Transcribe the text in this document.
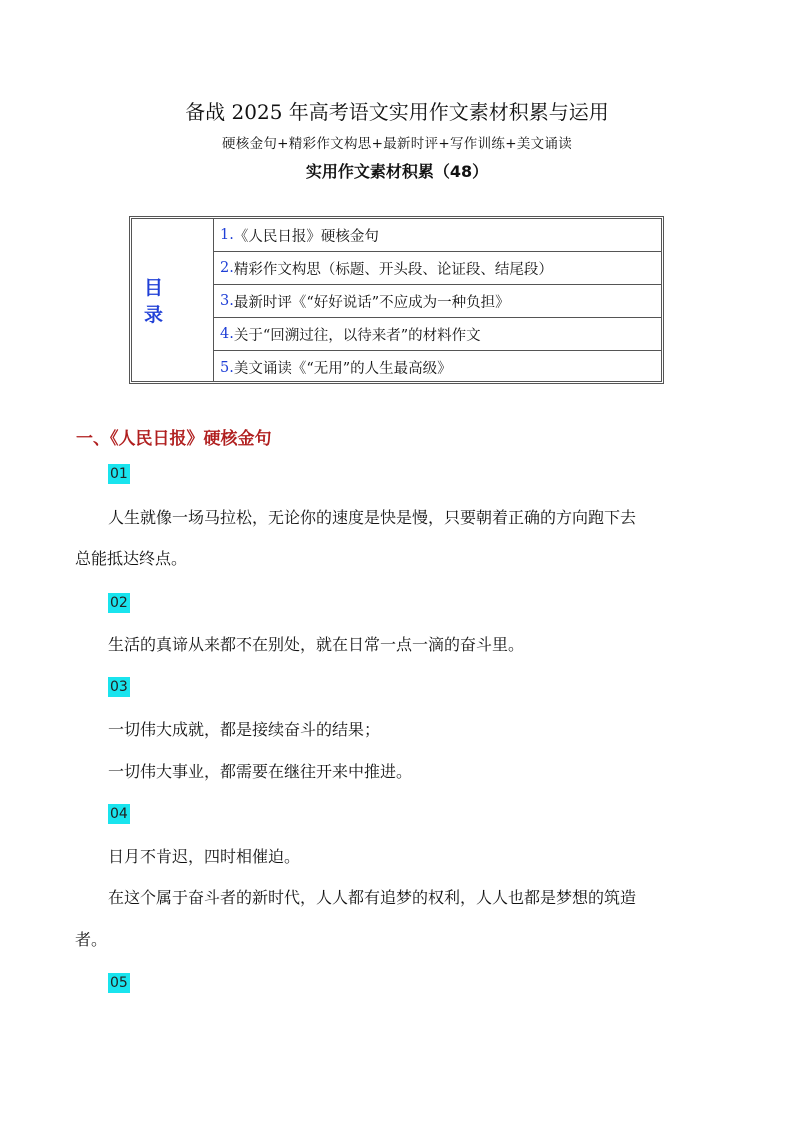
备战 2025 年高考语文实用作文素材积累与运用
硬核金句+精彩作文构思+最新时评+写作训练+美文诵读
实用作文素材积累（48）
目 录
1. 《人民日报》硬核金句
2. 精彩作文构思（标题、开头段、论证段、结尾段）
3. 最新时评《“好好说话”不应成为一种负担》
4. 关于“回溯过往，以待来者”的材料作文
5. 美文诵读《“无用”的人生最高级》
一、《人民日报》硬核金句
01
人生就像一场马拉松，无论你的速度是快是慢，只要朝着正确的方向跑下去
总能抵达终点。
02
生活的真谛从来都不在别处，就在日常一点一滴的奋斗里。
03
一切伟大成就，都是接续奋斗的结果；
一切伟大事业，都需要在继往开来中推进。
04
日月不肯迟，四时相催迫。
在这个属于奋斗者的新时代，人人都有追梦的权利，人人也都是梦想的筑造
者。
05
